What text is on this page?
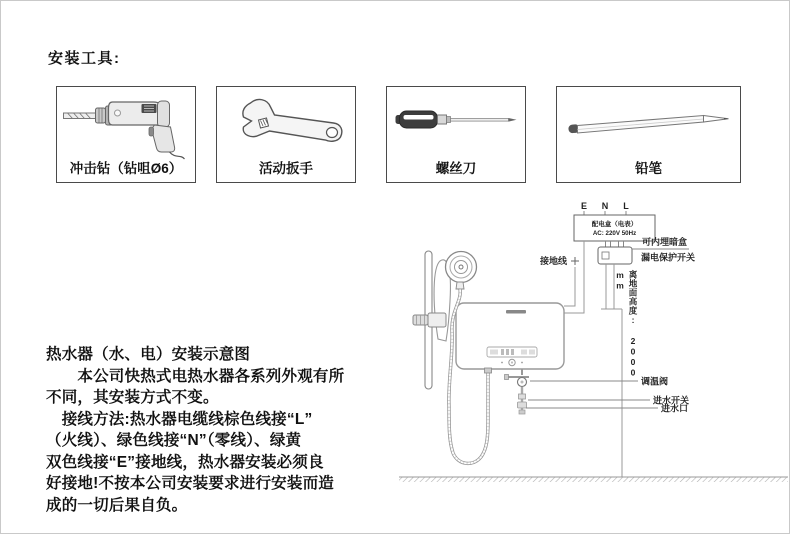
安装工具:
冲击钻（钻咀Ø6）	活动扳手	螺丝刀	铅笔
热水器（水、电）安装示意图
　　本公司快热式电热水器各系列外观有所
不同，其安装方式不变。
　接线方法:热水器电缆线棕色线接“L”
（火线）、绿色线接“N”（零线）、绿黄
双色线接“E”接地线，热水器安装必须良
好接地!不按本公司安装要求进行安装而造
成的一切后果自负。
E N L
配电盒（电表）
AC: 220V 50Hz
可内埋暗盒
漏电保护开关
接地线
调温阀
进水开关
进水口
离地面高度: 2000 mm
